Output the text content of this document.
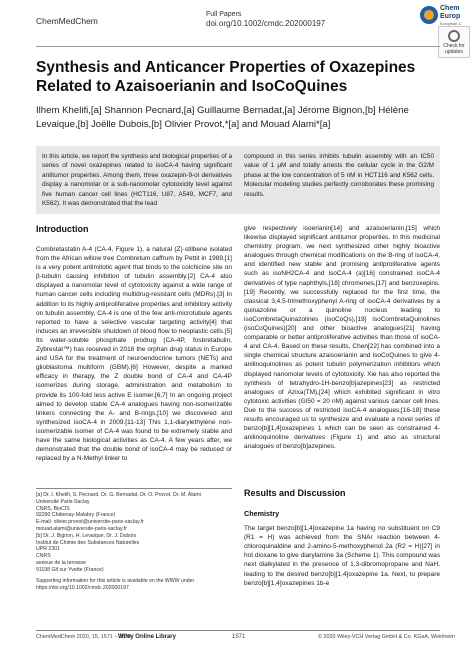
ChemMedChem
Full Papers
doi.org/10.1002/cmdc.202000197
Chem
Europ
European C
Check for
updates
Synthesis and Anticancer Properties of Oxazepines Related to Azaisoerianin and IsoCoQuines
Ilhem Khelifi,[a] Shannon Pecnard,[a] Guillaume Bernadat,[a] Jérome Bignon,[b] Hélène Levaique,[b] Joëlle Dubois,[b] Olivier Provot,*[a] and Mouad Alami*[a]
In this article, we report the synthesis and biological properties of a series of novel oxazepines related to isoCA-4 having significant antitumor properties. Among them, three oxazepin-9-ol derivatives display a nanomolar or a sub-nanomolar cytotoxicity level against five human cancer cell lines (HCT116, U87, A549, MCF7, and K562). It was demonstrated that the lead
compound in this series inhibits tubulin assembly with an IC50 value of 1 μM and totally arrests the cellular cycle in the G2/M phase at the low concentration of 5 nM in HCT116 and K562 cells. Molecular modeling studies perfectly corroborates these promising results.
Introduction

Combretastatin A-4 (CA-4, Figure 1), a natural (Z)-stilbene isolated from the African willow tree Combretum caffrum by Pettit in 1989,[1] is a very potent antimitotic agent that binds to the colchicine site on β-tubulin causing inhibition of tubulin assembly.[2] CA-4 also displayed a nanomolar level of cytotoxicity against a wide range of human cancer cells including multidrug-resistant cells (MDRs).[3] In addition to its highly antiproliferative properties and inhibitory activity on tubulin assembly, CA-4 is one of the few anti-microtubule agents reported to have a selective vascular targeting activity[4] that induces an irreversible shutdown of blood flow to neoplastic cells.[5] Its water-soluble phosphate prodrug (CA-4P, fosbretabulin, Zybrestat™) has received in 2016 the orphan drug status in Europe and USA for the treatment of neuroendocrine tumors (NETs) and glioblastoma multiform (GBM).[6] However, despite a marked efficacy in therapy, the Z double bond of CA-4 and CA-4P isomerizes during storage, administration and metabolism to provide its 100-fold less active E isomer.[6,7] In an ongoing project aimed to develop stable CA-4 analogues having non-isomerizable linkers connecting the A- and B-rings,[10] we discovered and synthesized isoCA-4 in 2009.[11-13] This 1,1-diarylethylene non-isomerizable isomer of CA-4 was found to be extremely stable and have the same biological activities as CA-4. A few years after, we demonstrated that the double bond of isoCA-4 may be reduced or replaced by a N-Methyl linker to

give respectively isoerianin[14] and azaisoerianin,[15] which likewise displayed significant antitumor properties. In this medicinal chemistry program, we next synthesized other highly bioactive analogues through chemical modifications on the B-ring of isoCA-4, and identified new stable and promising antiproliferative agents such as isoNH2CA-4 and isoCA-4 (a)[16] constrained isoCA-4 derivatives of type naphthyls,[18] chromenes,[17] and benzoxepins.[19] Recently, we successfully replaced for the first time, the classical 3,4,5-trimethoxyphenyl A-ring of isoCA-4 derivatives by a quinazoline or a quinoline nucleus leading to isoCombretaQuinazolines (isoCoQs),[19] isoCombretaQuinolines (isoCoQuines)[20] and other bioactive analogues[21] having comparable or better antiproliferative activities than those of isoCA-4 and CA-4. Based on these results, Chen[22] has combined into a single chemical structure azaisoerianin and isoCoQuines to give 4-anilinoquinolines as potent tubulin polymerization inhibitors which displayed nanomolar levels of cytotoxicity. Xie has also reported the synthesis of tetrahydro-1H-benzo[b]azepines[23] as restricted analogues of Azixa(TM),[24] which exhibited significant in vitro cytotoxic activities (GI50 = 20 nM) against various cancer cell lines. Due to the success of restricted isoCA-4 analogues,[16-18] these results encouraged us to synthesize and evaluate a novel series of benzo[b][1,4]oxazepines 1 which can be seen as constrained 4-anilinoquinoline derivatives (Figure 1) and also as structural analogues of benzo[b]azepines.

[a] Dr. I. Khelifi, S. Pecnard, Dr. G. Bernadat, Dr. O. Provot, Dr. M. Alami
Université Paris-Saclay
CNRS, BioCIS
92290 Châtenay-Malabry (France)
E-mail: olivier.provot@universite-paris-saclay.fr
mouad.alami@universite-paris-saclay.fr
[b] Dr. J. Bignon, H. Levaique, Dr. J. Dubois
Institut de Chimie des Substances Naturelles
UPR 2301
CNRS
avenue de la terrasse
91198 Gif sur Yvette (France)
Supporting information for this article is available on the WWW under https://doi.org/10.1002/cmdc.202000197
Results and Discussion
Chemistry

The target benzo[b][1,4]oxazepine 1a having no substituent on C9 (R1 = H) was achieved from the SNAr reaction between 4-chloroquinaldine and 2-amino-5-methoxyphenol 2a (R2 = H)[27] in hot dioxane to give diarylamine 3a (Scheme 1). This compound was next dialkylated in the presence of 1,3-dibromopropane and NaH, leading to the desired benzo[b][1,4]oxazepine 1a. Next, to prepare benzo[b][1,4]oxazepines 1b-e

ChemMedChem 2020, 15, 1571 – 1578
Wiley Online Library	1571	© 2020 Wiley-VCH Verlag GmbH & Co. KGaA, Weinheim
